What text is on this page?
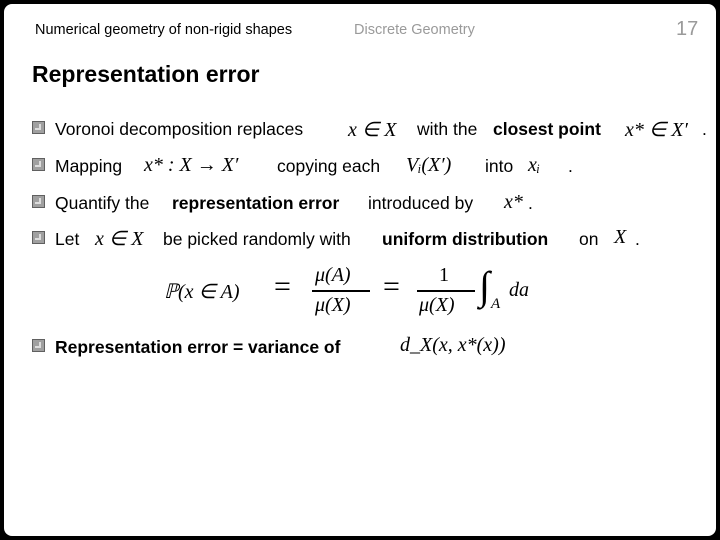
Numerical geometry of non-rigid shapes	Discrete Geometry	17
Representation error
Voronoi decomposition replaces x ∈ X with the closest point x* ∈ X′ .
Mapping x* : X → X′ copying each Vᵢ(X′) into xᵢ .
Quantify the representation error introduced by x* .
Let x ∈ X be picked randomly with uniform distribution on X .
ℙ(x ∈ A) = μ(A)
μ(X)
= 1
μ(X) ∫ A
da
Representation error = variance of	d_X(x, x*(x))
